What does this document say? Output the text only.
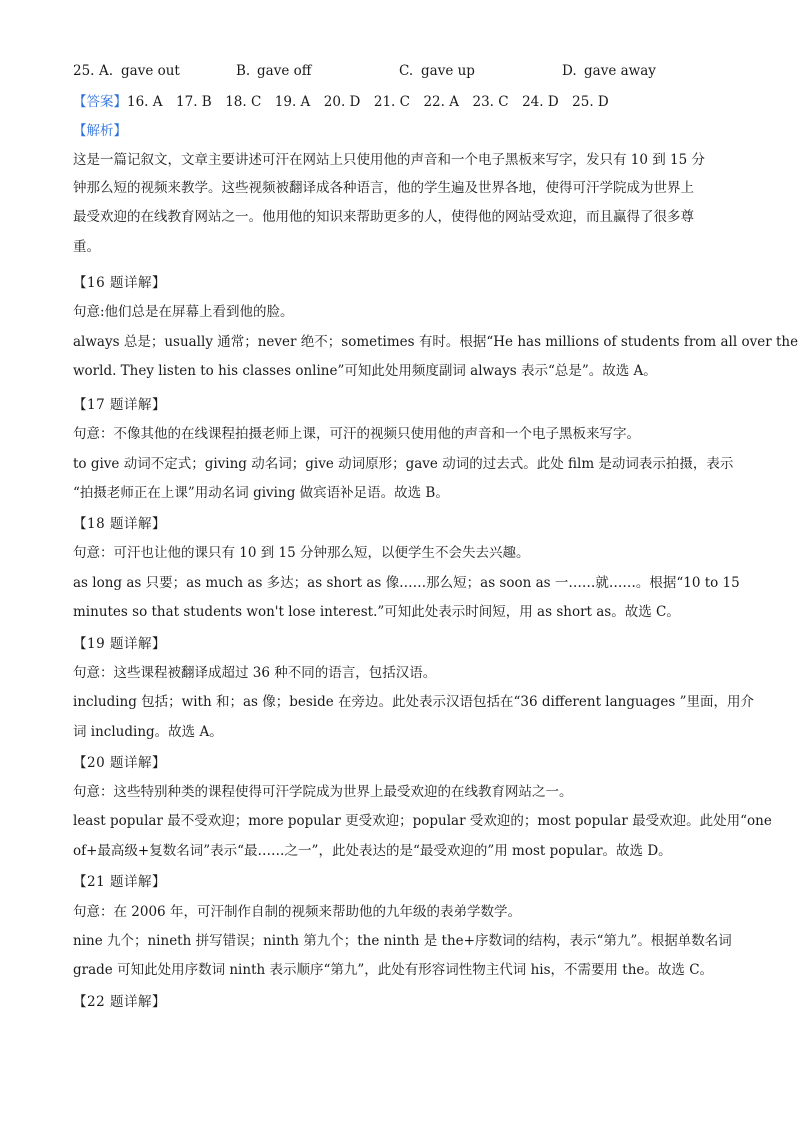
25. A. gave out	B. gave off	C. gave up	D. gave away
【答案】16. A　17. B　18. C　19. A　20. D　21. C　22. A　23. C　24. D　25. D
【解析】
这是一篇记叙文，文章主要讲述可汗在网站上只使用他的声音和一个电子黑板来写字，发只有 10 到 15 分
钟那么短的视频来教学。这些视频被翻译成各种语言，他的学生遍及世界各地，使得可汗学院成为世界上
最受欢迎的在线教育网站之一。他用他的知识来帮助更多的人，使得他的网站受欢迎，而且赢得了很多尊
重。
【16 题详解】
句意:他们总是在屏幕上看到他的脸。
always 总是；usually 通常；never 绝不；sometimes 有时。根据“He has millions of students from all over the
world. They listen to his classes online”可知此处用频度副词 always 表示“总是”。故选 A。
【17 题详解】
句意：不像其他的在线课程拍摄老师上课，可汗的视频只使用他的声音和一个电子黑板来写字。
to give 动词不定式；giving 动名词；give 动词原形；gave 动词的过去式。此处 film 是动词表示拍摄，表示
“拍摄老师正在上课”用动名词 giving 做宾语补足语。故选 B。
【18 题详解】
句意：可汗也让他的课只有 10 到 15 分钟那么短，以便学生不会失去兴趣。
as long as 只要；as much as 多达；as short as 像……那么短；as soon as 一……就……。根据“10 to 15
minutes so that students won't lose interest.”可知此处表示时间短，用 as short as。故选 C。
【19 题详解】
句意：这些课程被翻译成超过 36 种不同的语言，包括汉语。
including 包括；with 和；as 像；beside 在旁边。此处表示汉语包括在“36 different languages ”里面，用介
词 including。故选 A。
【20 题详解】
句意：这些特别种类的课程使得可汗学院成为世界上最受欢迎的在线教育网站之一。
least popular 最不受欢迎；more popular 更受欢迎；popular 受欢迎的；most popular 最受欢迎。此处用“one
of+最高级+复数名词”表示“最……之一”，此处表达的是“最受欢迎的”用 most popular。故选 D。
【21 题详解】
句意：在 2006 年，可汗制作自制的视频来帮助他的九年级的表弟学数学。
nine 九个；nineth 拼写错误；ninth 第九个；the ninth 是 the+序数词的结构，表示“第九”。根据单数名词
grade 可知此处用序数词 ninth 表示顺序“第九”，此处有形容词性物主代词 his，不需要用 the。故选 C。
【22 题详解】
